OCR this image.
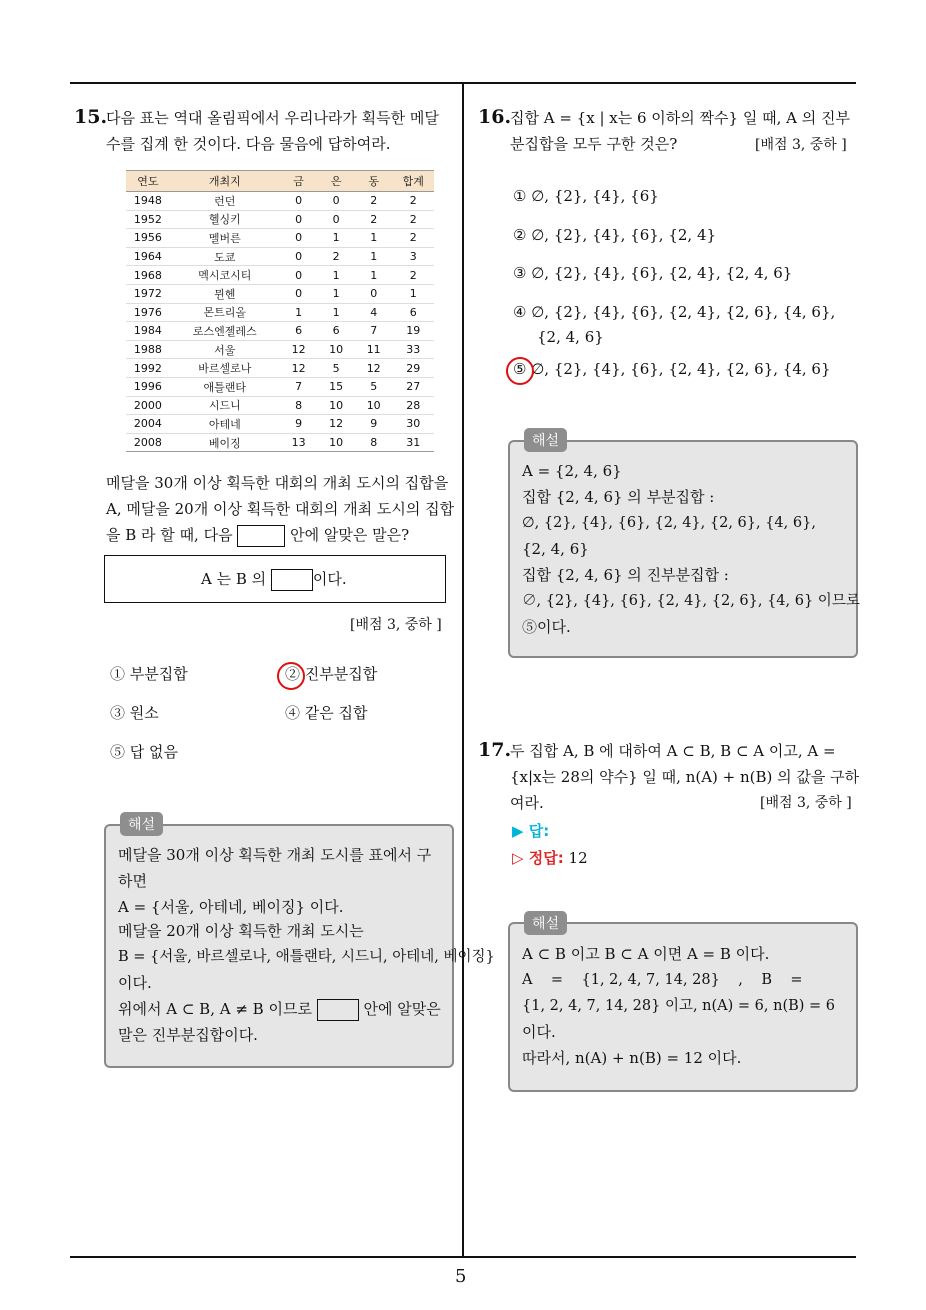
5
15.
다음 표는 역대 올림픽에서 우리나라가 획득한 메달
수를 집계 한 것이다. 다음 물음에 답하여라.
연도	개최지	금	은	동	합계
1948	런던	0	0	2	2
1952	헬싱키	0	0	2	2
1956	멜버른	0	1	1	2
1964	도쿄	0	2	1	3
1968	멕시코시티	0	1	1	2
1972	뮌헨	0	1	0	1
1976	몬트리올	1	1	4	6
1984	로스엔젤레스	6	6	7	19
1988	서울	12	10	11	33
1992	바르셀로나	12	5	12	29
1996	애틀랜타	7	15	5	27
2000	시드니	8	10	10	28
2004	아테네	9	12	9	30
2008	베이징	13	10	8	31
메달을 30개 이상 획득한 대회의 개최 도시의 집합을
A, 메달을 20개 이상 획득한 대회의 개최 도시의 집합
을 B 라 할 때, 다음	안에 알맞은 말은?
A 는 B 의	이다.
[배점 3, 중하 ]
① 부분집합	② 진부분집합
③ 원소	④ 같은 집합
⑤ 답 없음
해설
메달을 30개 이상 획득한 개최 도시를 표에서 구
하면
A = {서울, 아테네, 베이징} 이다.
메달을 20개 이상 획득한 개최 도시는
B = {서울, 바르셀로나, 애틀랜타, 시드니, 아테네, 베이징}
이다.
위에서 A ⊂ B, A ≠ B 이므로	안에 알맞은
말은 진부분집합이다.
16.
집합 A = {x | x는 6 이하의 짝수} 일 때, A 의 진부
분집합을 모두 구한 것은?	[배점 3, 중하 ]
① ∅, {2}, {4}, {6}
② ∅, {2}, {4}, {6}, {2, 4}
③ ∅, {2}, {4}, {6}, {2, 4}, {2, 4, 6}
④ ∅, {2}, {4}, {6}, {2, 4}, {2, 6}, {4, 6},
{2, 4, 6}
⑤ ∅, {2}, {4}, {6}, {2, 4}, {2, 6}, {4, 6}
해설
A = {2, 4, 6}
집합 {2, 4, 6} 의 부분집합 :
∅, {2}, {4}, {6}, {2, 4}, {2, 6}, {4, 6},
{2, 4, 6}
집합 {2, 4, 6} 의 진부분집합 :
∅, {2}, {4}, {6}, {2, 4}, {2, 6}, {4, 6} 이므로
⑤이다.
17.
두 집합 A, B 에 대하여 A ⊂ B, B ⊂ A 이고, A =
{x|x는 28의 약수} 일 때, n(A) + n(B) 의 값을 구하
여라.	[배점 3, 중하 ]
▶ 답:
▷ 정답: 12
해설
A ⊂ B 이고 B ⊂ A 이면 A = B 이다.
A    =    {1, 2, 4, 7, 14, 28}    ,    B    =
{1, 2, 4, 7, 14, 28} 이고, n(A) = 6, n(B) = 6
이다.
따라서, n(A) + n(B) = 12 이다.
